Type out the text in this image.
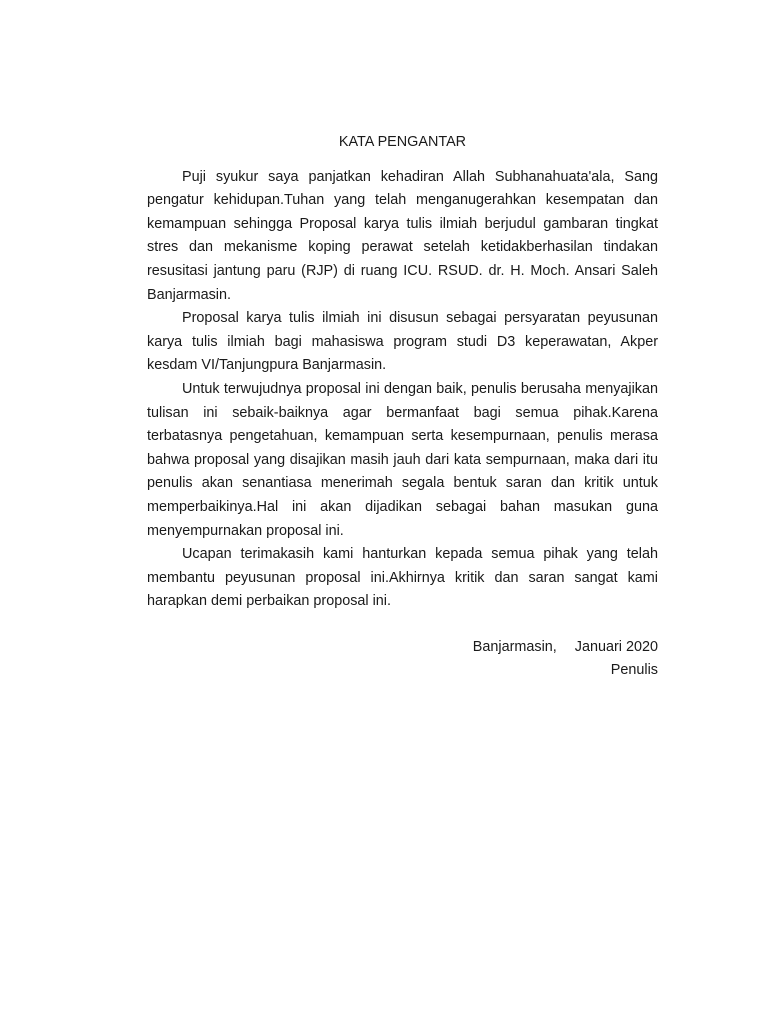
KATA PENGANTAR

Puji syukur saya panjatkan kehadiran Allah Subhanahuata'ala, Sang pengatur kehidupan.Tuhan yang telah menganugerahkan kesempatan dan kemampuan sehingga Proposal karya tulis ilmiah berjudul gambaran tingkat stres dan mekanisme koping perawat setelah ketidakberhasilan tindakan resusitasi jantung paru (RJP) di ruang ICU. RSUD. dr. H. Moch. Ansari Saleh Banjarmasin.

Proposal karya tulis ilmiah ini disusun sebagai persyaratan peyusunan karya tulis ilmiah bagi mahasiswa program studi D3 keperawatan, Akper kesdam VI/Tanjungpura Banjarmasin.

Untuk terwujudnya proposal ini dengan baik, penulis berusaha menyajikan tulisan ini sebaik-baiknya agar bermanfaat bagi semua pihak.Karena terbatasnya pengetahuan, kemampuan serta kesempurnaan, penulis merasa bahwa proposal yang disajikan masih jauh dari kata sempurnaan, maka dari itu penulis akan senantiasa menerimah segala bentuk saran dan kritik untuk memperbaikinya.Hal ini akan dijadikan sebagai bahan masukan guna menyempurnakan proposal ini.

Ucapan terimakasih kami hanturkan kepada semua pihak yang telah membantu peyusunan proposal ini.Akhirnya kritik dan saran sangat kami harapkan demi perbaikan proposal ini.

Banjarmasin, Januari 2020
Penulis
